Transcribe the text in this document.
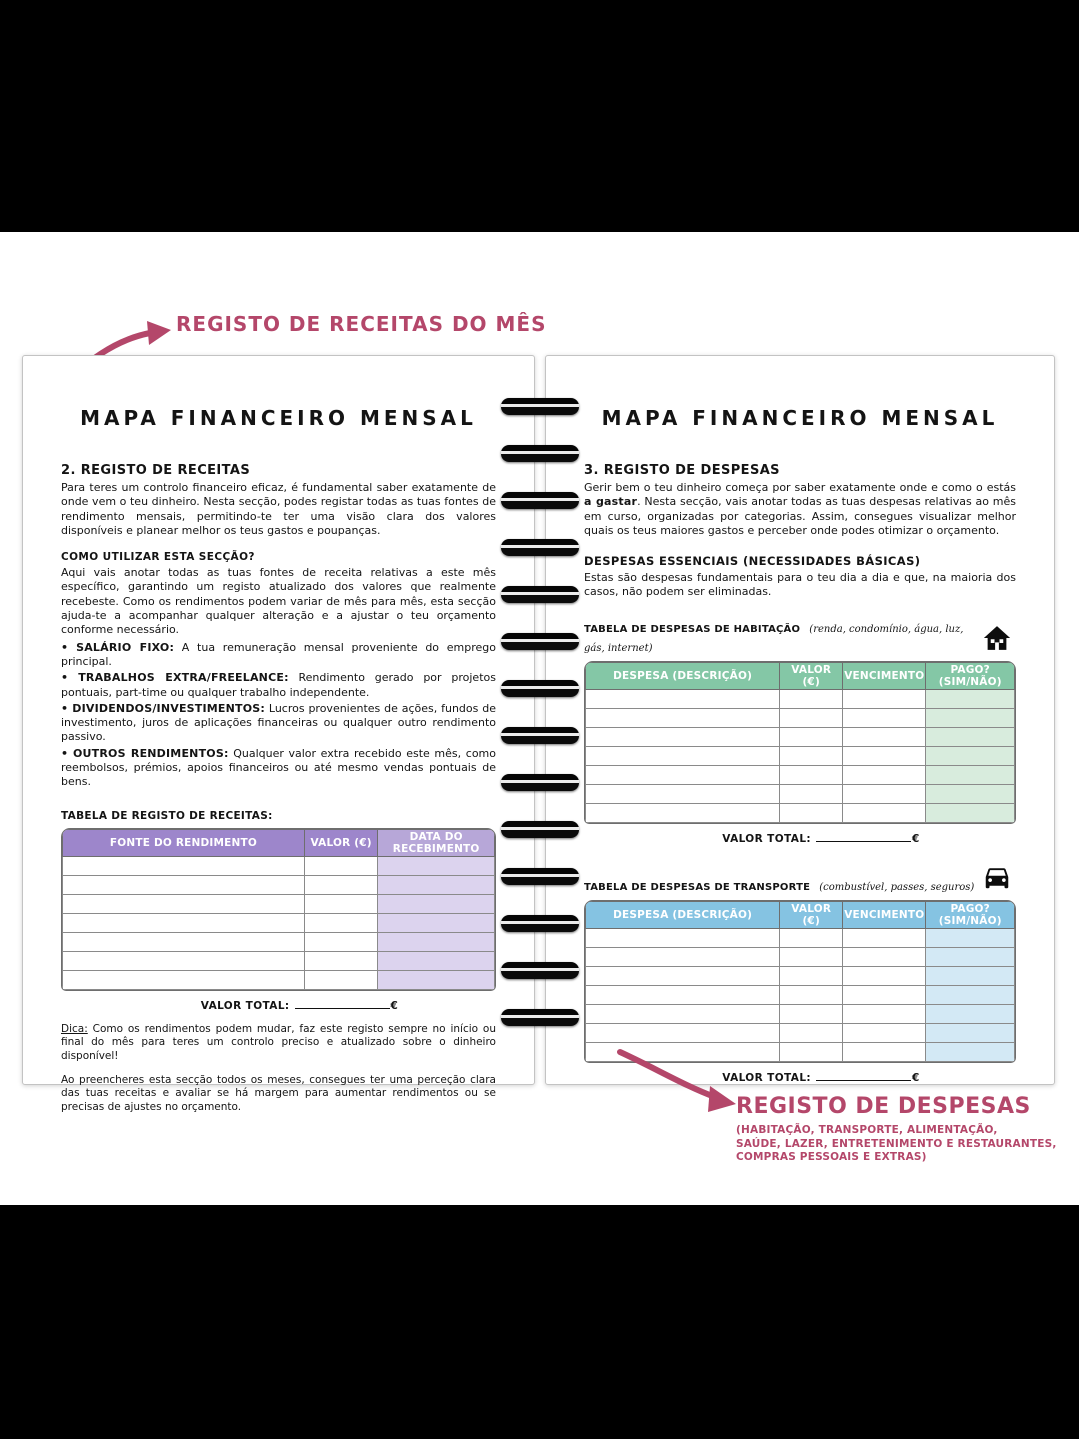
REGISTO DE RECEITAS DO MÊS
MAPA FINANCEIRO MENSAL
2. REGISTO DE RECEITAS

Para teres um controlo financeiro eficaz, é fundamental saber exatamente de onde vem o teu dinheiro. Nesta secção, podes registar todas as tuas fontes de rendimento mensais, permitindo-te ter uma visão clara dos valores disponíveis e planear melhor os teus gastos e poupanças.

COMO UTILIZAR ESTA SECÇÃO?

Aqui vais anotar todas as tuas fontes de receita relativas a este mês específico, garantindo um registo atualizado dos valores que realmente recebeste. Como os rendimentos podem variar de mês para mês, esta secção ajuda-te a acompanhar qualquer alteração e a ajustar o teu orçamento conforme necessário.

• SALÁRIO FIXO: A tua remuneração mensal proveniente do emprego principal.
• TRABALHOS EXTRA/FREELANCE: Rendimento gerado por projetos pontuais, part-time ou qualquer trabalho independente.
• DIVIDENDOS/INVESTIMENTOS: Lucros provenientes de ações, fundos de investimento, juros de aplicações financeiras ou qualquer outro rendimento passivo.
• OUTROS RENDIMENTOS: Qualquer valor extra recebido este mês, como reembolsos, prémios, apoios financeiros ou até mesmo vendas pontuais de bens.
TABELA DE REGISTO DE RECEITAS:
FONTE DO RENDIMENTO	VALOR (€)	DATA DO RECEBIMENTO

VALOR TOTAL:	€

Dica: Como os rendimentos podem mudar, faz este registo sempre no início ou final do mês para teres um controlo preciso e atualizado sobre o dinheiro disponível!

Ao preencheres esta secção todos os meses, consegues ter uma perceção clara das tuas receitas e avaliar se há margem para aumentar rendimentos ou se precisas de ajustes no orçamento.

MAPA FINANCEIRO MENSAL
3. REGISTO DE DESPESAS

Gerir bem o teu dinheiro começa por saber exatamente onde e como o estás a gastar. Nesta secção, vais anotar todas as tuas despesas relativas ao mês em curso, organizadas por categorias. Assim, consegues visualizar melhor quais os teus maiores gastos e perceber onde podes otimizar o orçamento.

DESPESAS ESSENCIAIS (NECESSIDADES BÁSICAS)

Estas são despesas fundamentais para o teu dia a dia e que, na maioria dos casos, não podem ser eliminadas.

TABELA DE DESPESAS DE HABITAÇÃO (renda, condomínio, água, luz, gás, internet)
DESPESA (DESCRIÇÃO)	VALOR (€)	VENCIMENTO	PAGO? (SIM/NÃO)

VALOR TOTAL:	€
TABELA DE DESPESAS DE TRANSPORTE (combustível, passes, seguros)
DESPESA (DESCRIÇÃO)	VALOR (€)	VENCIMENTO	PAGO? (SIM/NÃO)

VALOR TOTAL:	€
REGISTO DE DESPESAS
(HABITAÇÃO, TRANSPORTE, ALIMENTAÇÃO,
SAÚDE, LAZER, ENTRETENIMENTO E RESTAURANTES,
COMPRAS PESSOAIS E EXTRAS)
